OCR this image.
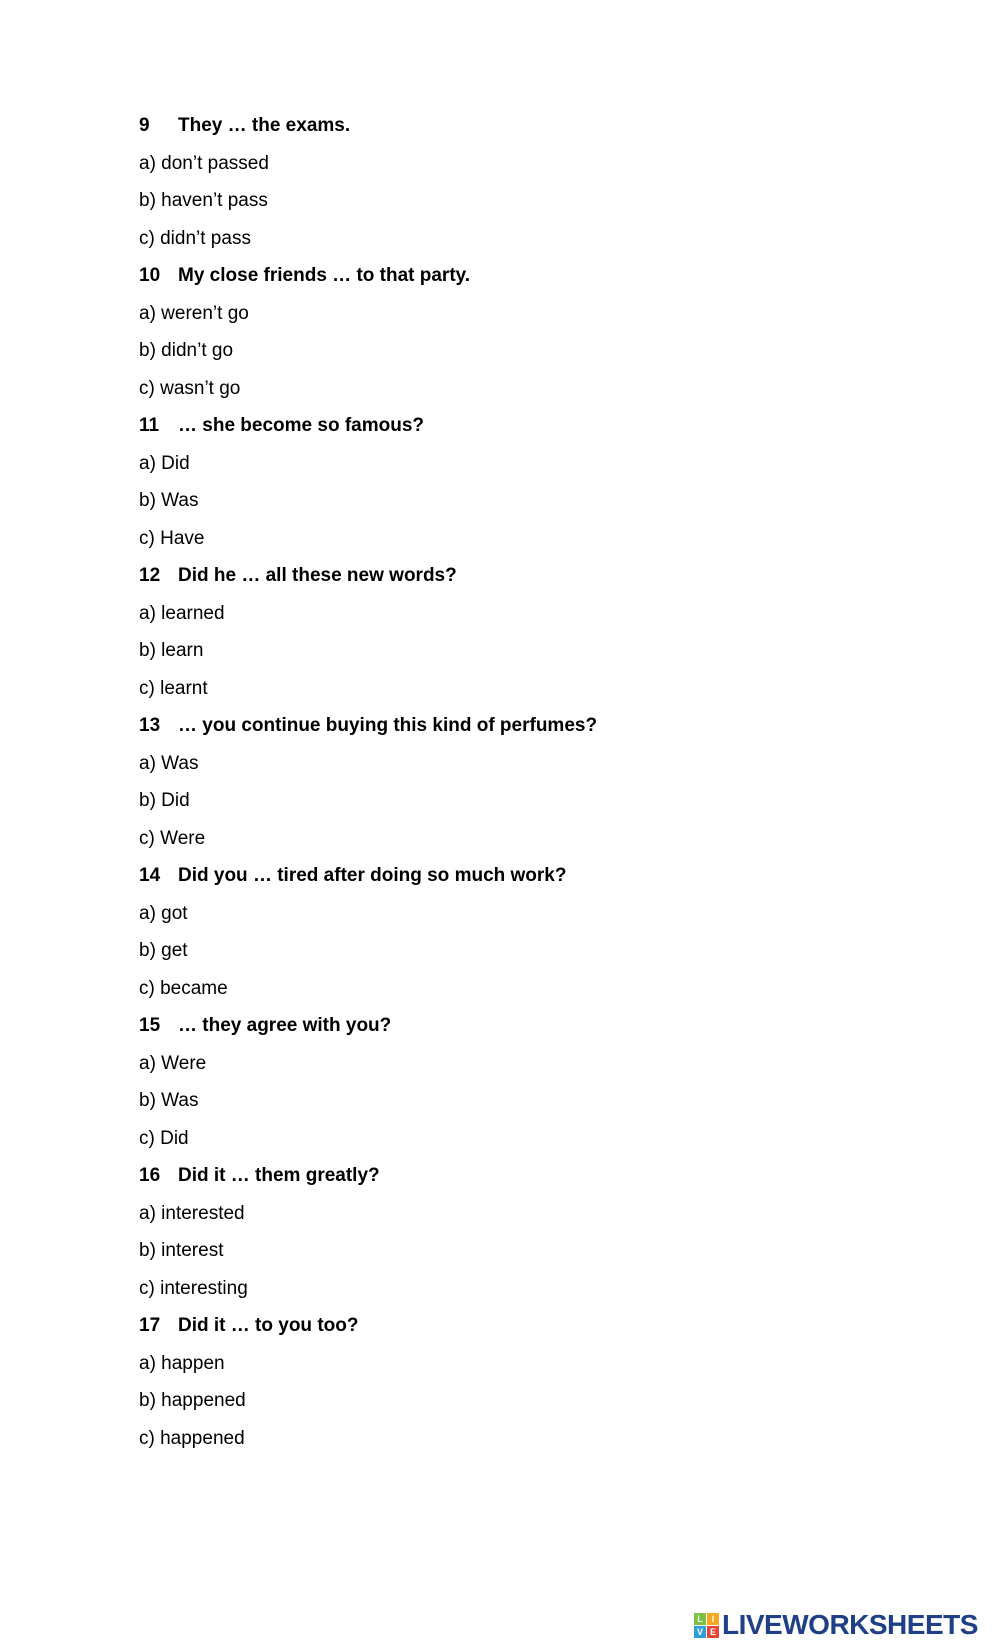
9 They … the exams.
a) don’t passed
b) haven’t pass
c) didn’t pass
10 My close friends … to that party.
a) weren’t go
b) didn’t go
c) wasn’t go
11 … she become so famous?
a) Did
b) Was
c) Have
12 Did he … all these new words?
a) learned
b) learn
c) learnt
13 … you continue buying this kind of perfumes?
a) Was
b) Did
c) Were
14 Did you … tired after doing so much work?
a) got
b) get
c) became
15 … they agree with you?
a) Were
b) Was
c) Did
16 Did it … them greatly?
a) interested
b) interest
c) interesting
17 Did it … to you too?
a) happen
b) happened
c) happened
L I
V E LIVEWORKSHEETS
